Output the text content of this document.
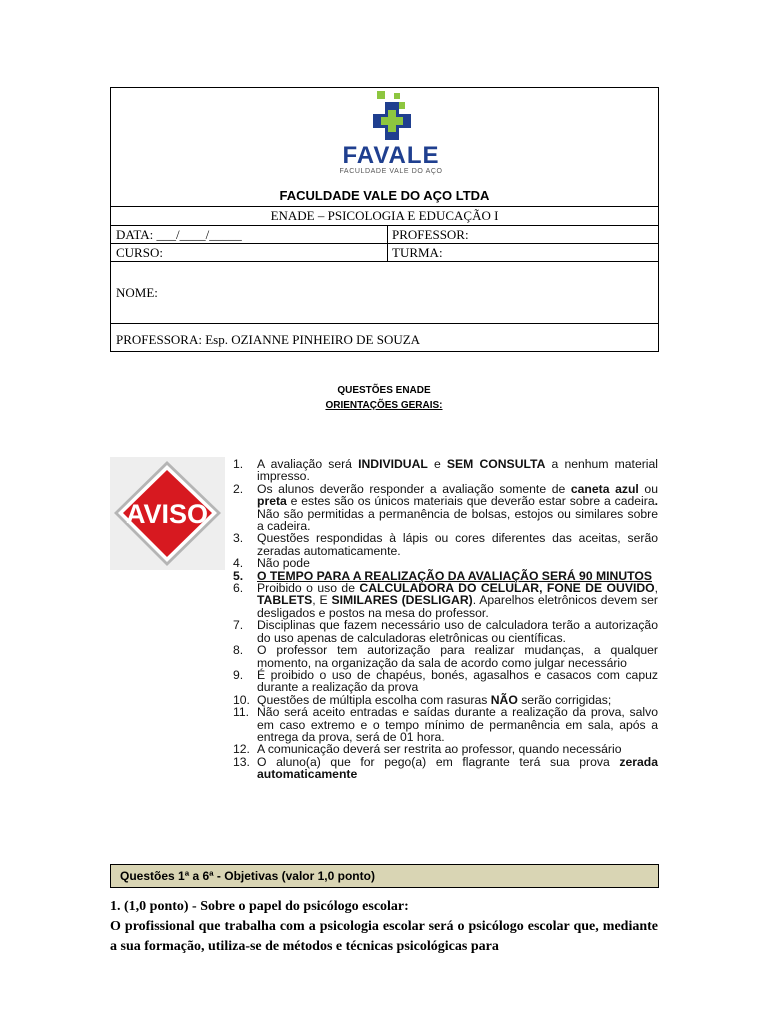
FAVALE
FACULDADE VALE DO AÇO
FACULDADE VALE DO AÇO LTDA
ENADE – PSICOLOGIA E EDUCAÇÃO I
DATA: ___/____/_____	PROFESSOR:
CURSO:	TURMA:
NOME:
PROFESSORA: Esp. OZIANNE PINHEIRO DE SOUZA
QUESTÕES ENADE
ORIENTAÇÕES GERAIS:
AVISO
1. A avaliação será INDIVIDUAL e SEM CONSULTA a nenhum material impresso.
2. Os alunos deverão responder a avaliação somente de caneta azul ou preta e estes são os únicos materiais que deverão estar sobre a cadeira. Não são permitidas a permanência de bolsas, estojos ou similares sobre a cadeira.
3. Questões respondidas à lápis ou cores diferentes das aceitas, serão zeradas automaticamente.
4. Não pode
5. O TEMPO PARA A REALIZAÇÃO DA AVALIAÇÃO SERÁ 90 MINUTOS
6. Proibido o uso de CALCULADORA DO CELULAR, FONE DE OUVIDO, TABLETS, E SIMILARES (DESLIGAR). Aparelhos eletrônicos devem ser desligados e postos na mesa do professor.
7. Disciplinas que fazem necessário uso de calculadora terão a autorização do uso apenas de calculadoras eletrônicas ou científicas.
8. O professor tem autorização para realizar mudanças, a qualquer momento, na organização da sala de acordo como julgar necessário
9. É proibido o uso de chapéus, bonés, agasalhos e casacos com capuz durante a realização da prova
10. Questões de múltipla escolha com rasuras NÃO serão corrigidas;
11. Não será aceito entradas e saídas durante a realização da prova, salvo em caso extremo e o tempo mínimo de permanência em sala, após a entrega da prova, será de 01 hora.
12. A comunicação deverá ser restrita ao professor, quando necessário
13. O aluno(a) que for pego(a) em flagrante terá sua prova zerada automaticamente
Questões 1ª a 6ª - Objetivas (valor 1,0 ponto)
1. (1,0 ponto) - Sobre o papel do psicólogo escolar:
O profissional que trabalha com a psicologia escolar será o psicólogo escolar que, mediante a sua formação, utiliza-se de métodos e técnicas psicológicas para
